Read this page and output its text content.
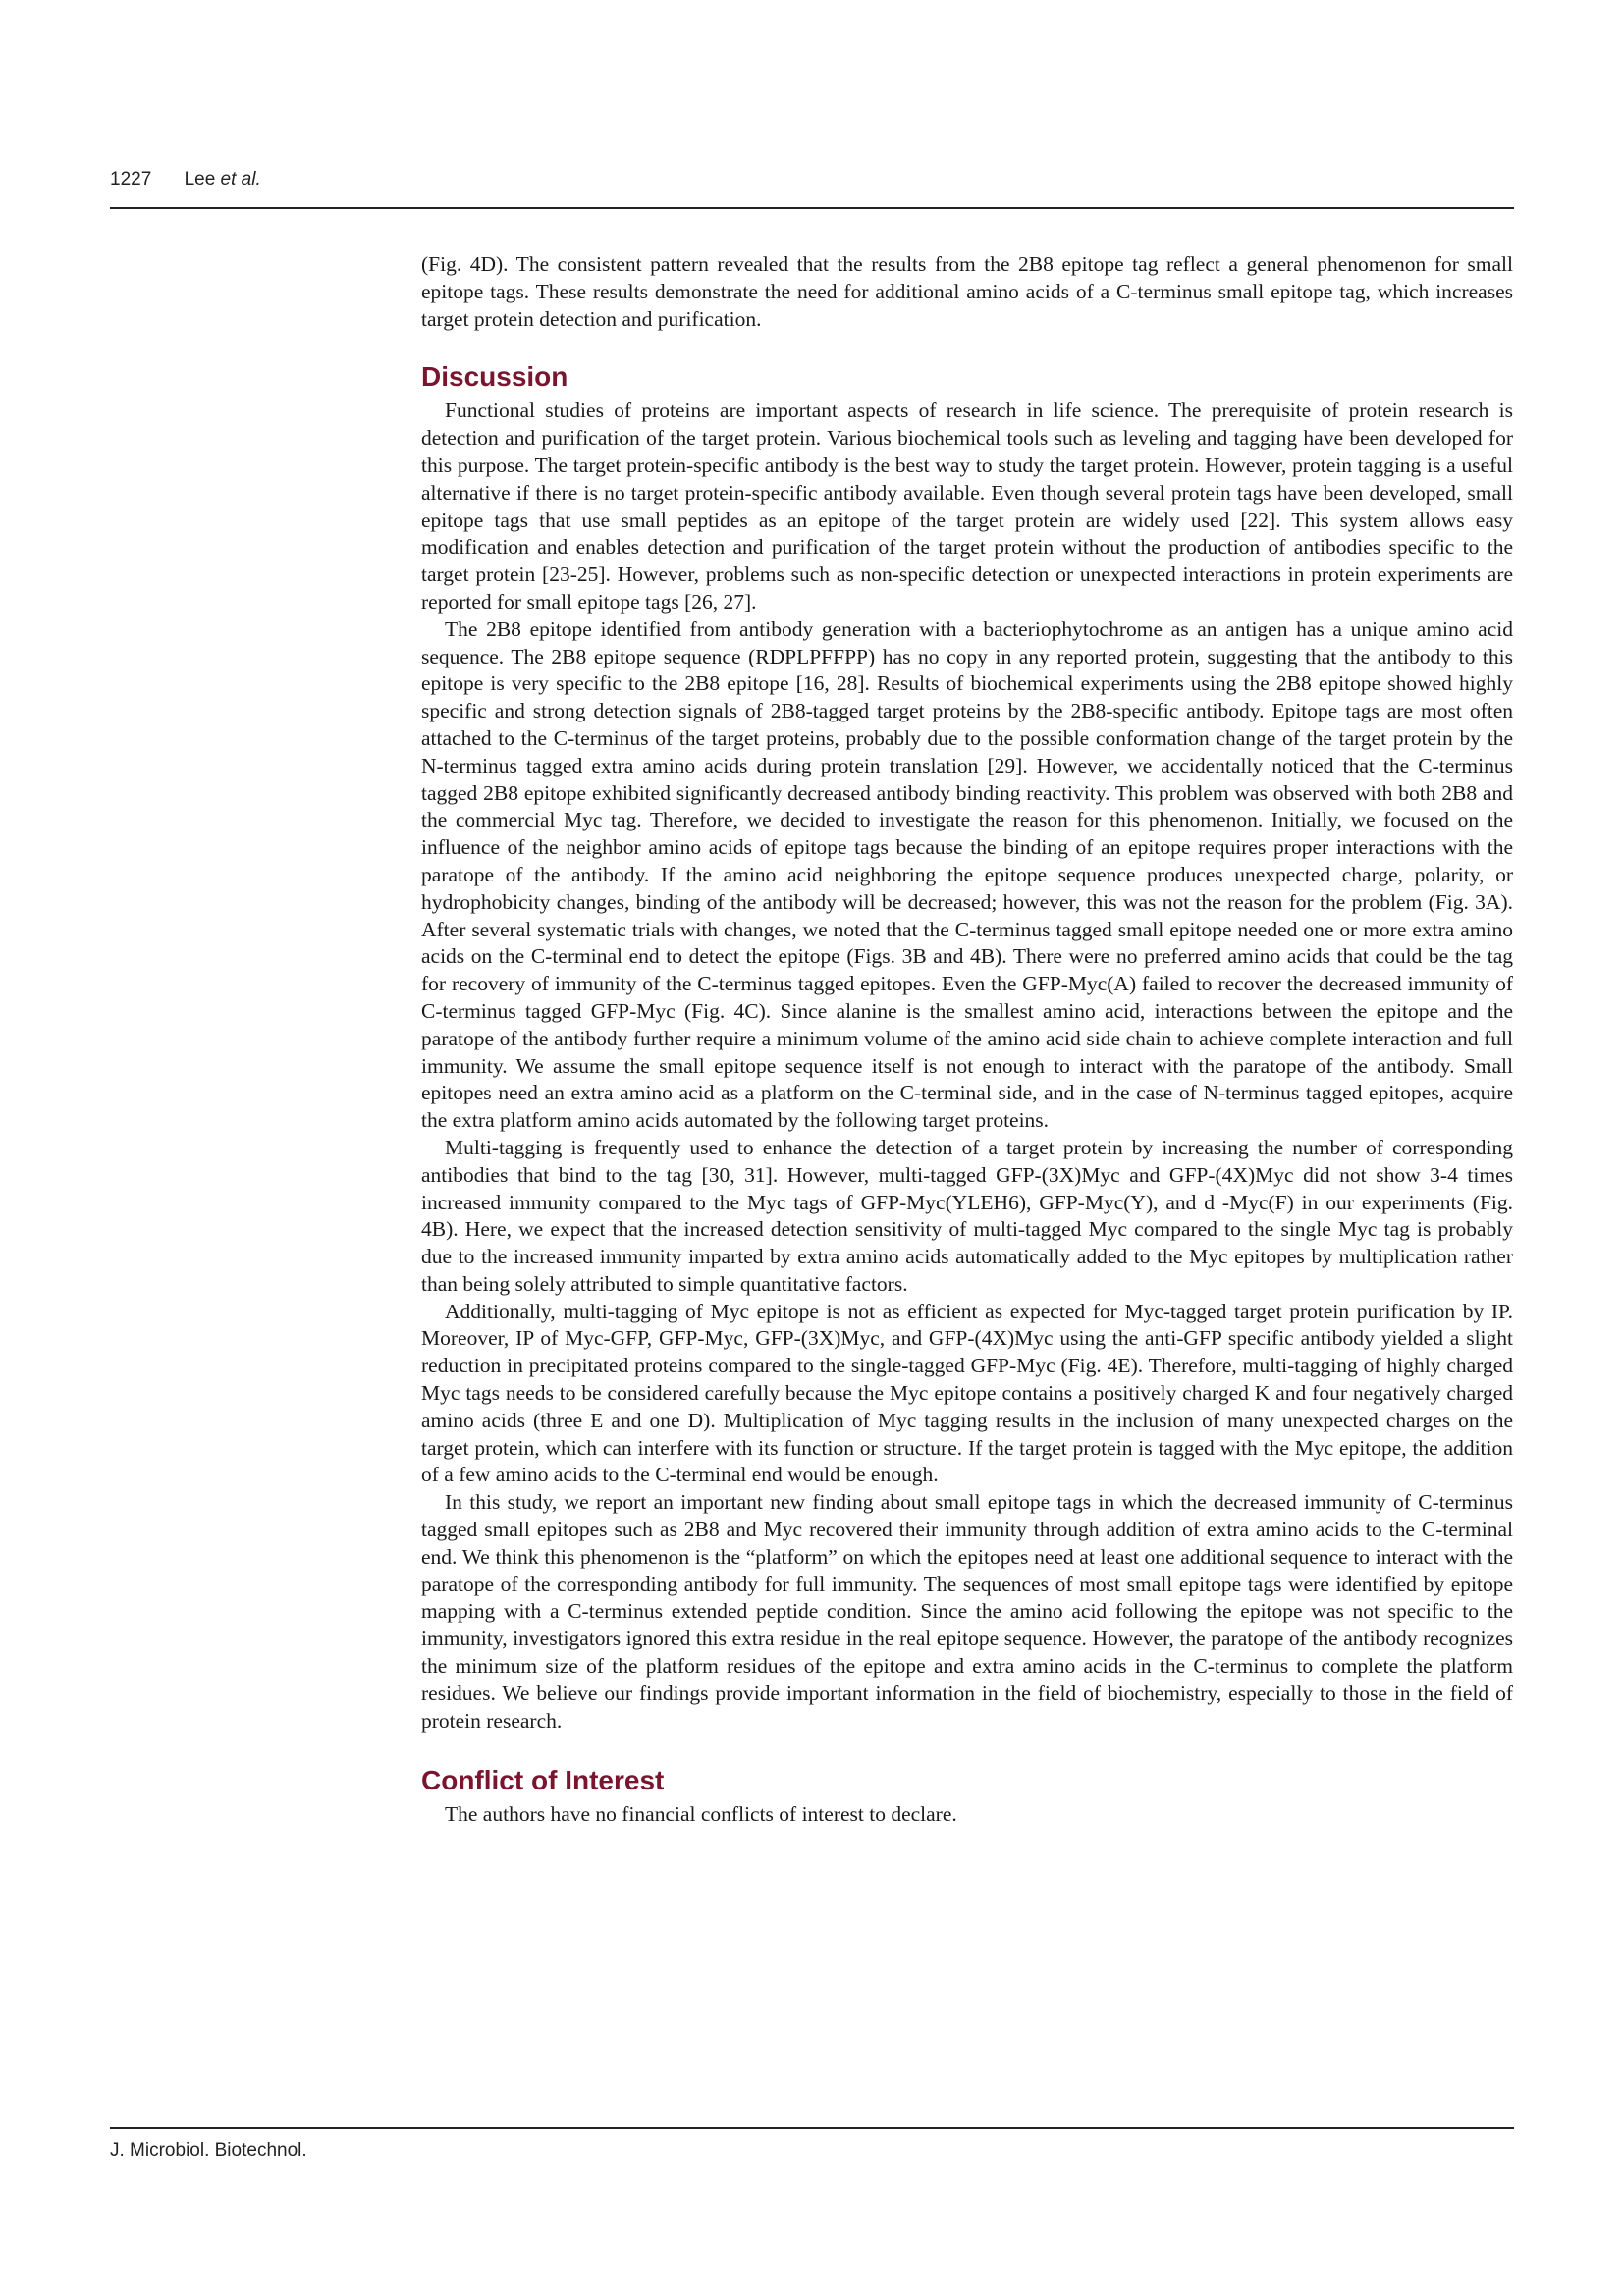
1227 Lee et al.

(Fig. 4D). The consistent pattern revealed that the results from the 2B8 epitope tag reflect a general phenomenon for small epitope tags. These results demonstrate the need for additional amino acids of a C-terminus small epitope tag, which increases target protein detection and purification.

Discussion

Functional studies of proteins are important aspects of research in life science. The prerequisite of protein research is detection and purification of the target protein. Various biochemical tools such as leveling and tagging have been developed for this purpose. The target protein-specific antibody is the best way to study the target protein. However, protein tagging is a useful alternative if there is no target protein-specific antibody available. Even though several protein tags have been developed, small epitope tags that use small peptides as an epitope of the target protein are widely used [22]. This system allows easy modification and enables detection and purification of the target protein without the production of antibodies specific to the target protein [23-25]. However, problems such as non-specific detection or unexpected interactions in protein experiments are reported for small epitope tags [26, 27].

The 2B8 epitope identified from antibody generation with a bacteriophytochrome as an antigen has a unique amino acid sequence. The 2B8 epitope sequence (RDPLPFFPP) has no copy in any reported protein, suggesting that the antibody to this epitope is very specific to the 2B8 epitope [16, 28]. Results of biochemical experiments using the 2B8 epitope showed highly specific and strong detection signals of 2B8-tagged target proteins by the 2B8-specific antibody. Epitope tags are most often attached to the C-terminus of the target proteins, probably due to the possible conformation change of the target protein by the N-terminus tagged extra amino acids during protein translation [29]. However, we accidentally noticed that the C-terminus tagged 2B8 epitope exhibited significantly decreased antibody binding reactivity. This problem was observed with both 2B8 and the commercial Myc tag. Therefore, we decided to investigate the reason for this phenomenon. Initially, we focused on the influence of the neighbor amino acids of epitope tags because the binding of an epitope requires proper interactions with the paratope of the antibody. If the amino acid neighboring the epitope sequence produces unexpected charge, polarity, or hydrophobicity changes, binding of the antibody will be decreased; however, this was not the reason for the problem (Fig. 3A). After several systematic trials with changes, we noted that the C-terminus tagged small epitope needed one or more extra amino acids on the C-terminal end to detect the epitope (Figs. 3B and 4B). There were no preferred amino acids that could be the tag for recovery of immunity of the C-terminus tagged epitopes. Even the GFP-Myc(A) failed to recover the decreased immunity of C-terminus tagged GFP-Myc (Fig. 4C). Since alanine is the smallest amino acid, interactions between the epitope and the paratope of the antibody further require a minimum volume of the amino acid side chain to achieve complete interaction and full immunity. We assume the small epitope sequence itself is not enough to interact with the paratope of the antibody. Small epitopes need an extra amino acid as a platform on the C-terminal side, and in the case of N-terminus tagged epitopes, acquire the extra platform amino acids automated by the following target proteins.

Multi-tagging is frequently used to enhance the detection of a target protein by increasing the number of corresponding antibodies that bind to the tag [30, 31]. However, multi-tagged GFP-(3X)Myc and GFP-(4X)Myc did not show 3-4 times increased immunity compared to the Myc tags of GFP-Myc(YLEH6), GFP-Myc(Y), and d -Myc(F) in our experiments (Fig. 4B). Here, we expect that the increased detection sensitivity of multi-tagged Myc compared to the single Myc tag is probably due to the increased immunity imparted by extra amino acids automatically added to the Myc epitopes by multiplication rather than being solely attributed to simple quantitative factors.

Additionally, multi-tagging of Myc epitope is not as efficient as expected for Myc-tagged target protein purification by IP. Moreover, IP of Myc-GFP, GFP-Myc, GFP-(3X)Myc, and GFP-(4X)Myc using the anti-GFP specific antibody yielded a slight reduction in precipitated proteins compared to the single-tagged GFP-Myc (Fig. 4E). Therefore, multi-tagging of highly charged Myc tags needs to be considered carefully because the Myc epitope contains a positively charged K and four negatively charged amino acids (three E and one D). Multiplication of Myc tagging results in the inclusion of many unexpected charges on the target protein, which can interfere with its function or structure. If the target protein is tagged with the Myc epitope, the addition of a few amino acids to the C-terminal end would be enough.

In this study, we report an important new finding about small epitope tags in which the decreased immunity of C-terminus tagged small epitopes such as 2B8 and Myc recovered their immunity through addition of extra amino acids to the C-terminal end. We think this phenomenon is the “platform” on which the epitopes need at least one additional sequence to interact with the paratope of the corresponding antibody for full immunity. The sequences of most small epitope tags were identified by epitope mapping with a C-terminus extended peptide condition. Since the amino acid following the epitope was not specific to the immunity, investigators ignored this extra residue in the real epitope sequence. However, the paratope of the antibody recognizes the minimum size of the platform residues of the epitope and extra amino acids in the C-terminus to complete the platform residues. We believe our findings provide important information in the field of biochemistry, especially to those in the field of protein research.

Conflict of Interest

The authors have no financial conflicts of interest to declare.

J. Microbiol. Biotechnol.
